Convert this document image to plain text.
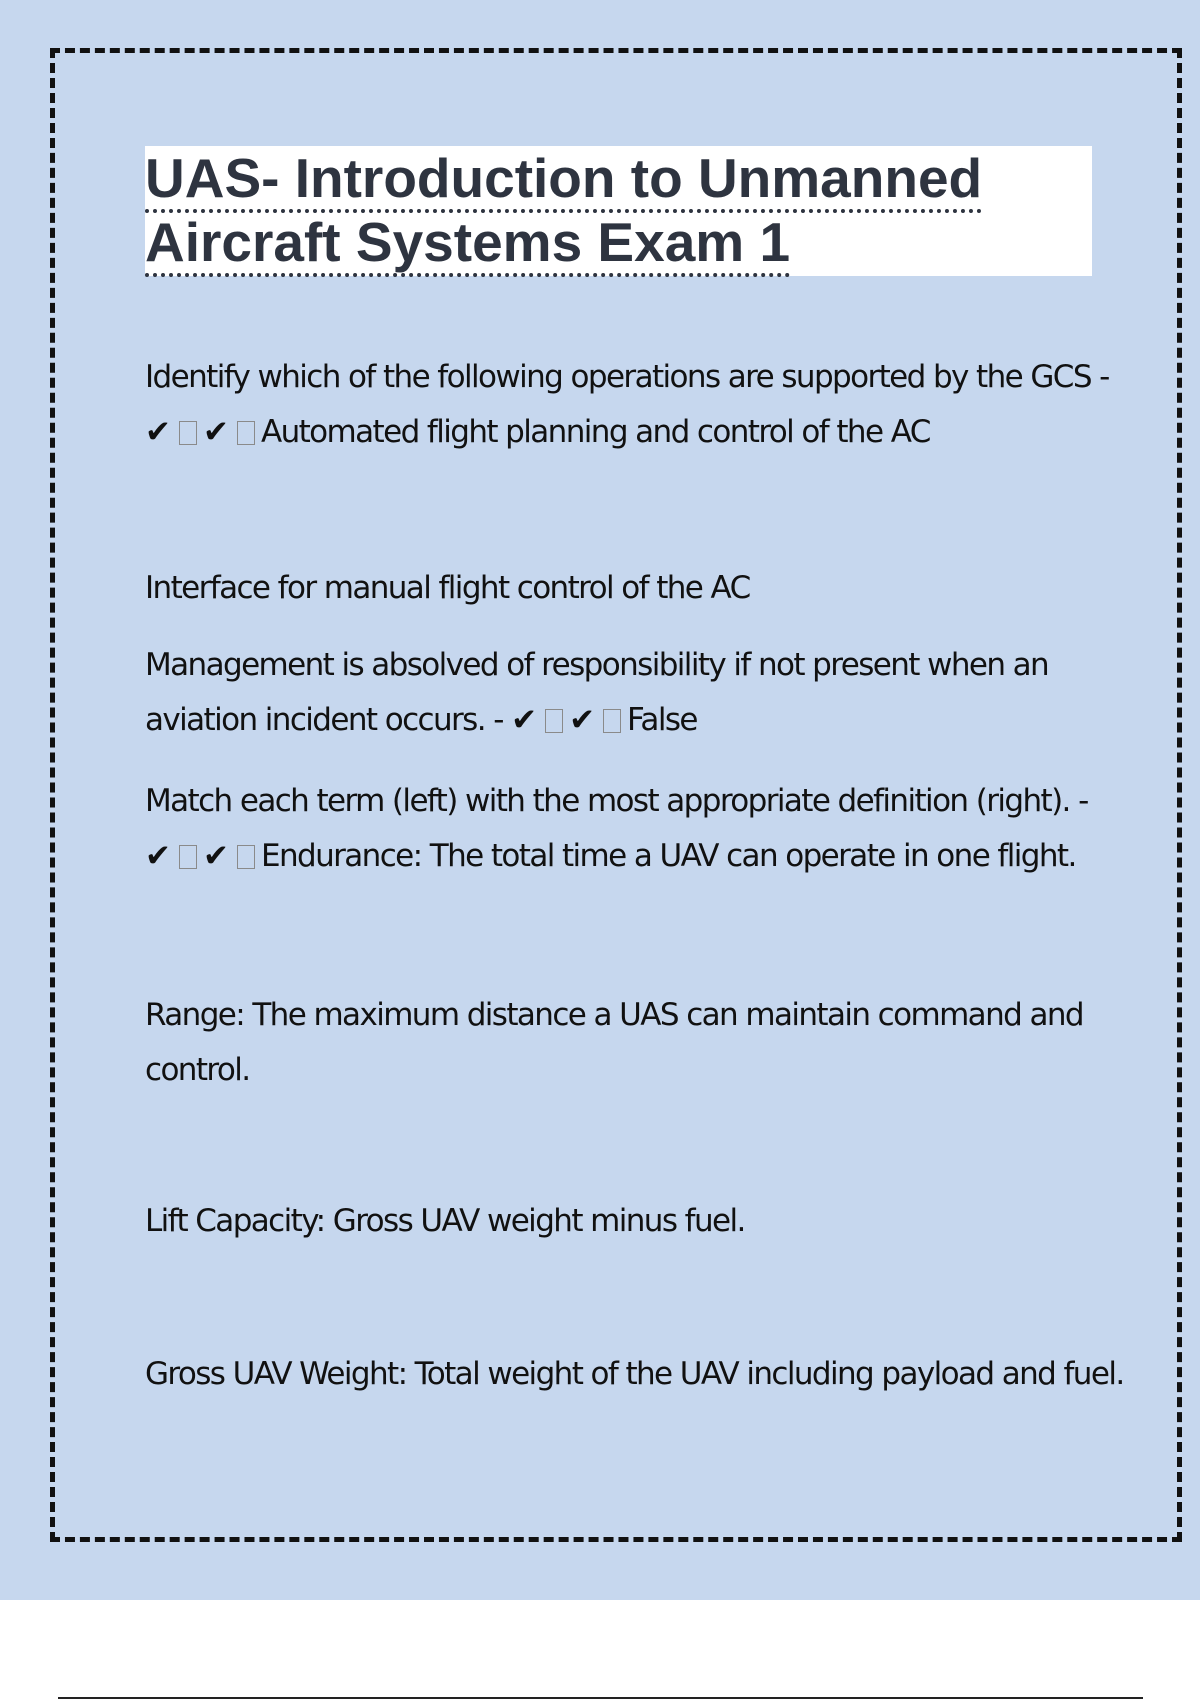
UAS- Introduction to Unmanned
Aircraft Systems Exam 1

Identify which of the following operations are supported by the GCS -
✔ ✔ Automated flight planning and control of the AC

Interface for manual flight control of the AC

Management is absolved of responsibility if not present when an
aviation incident occurs. - ✔ ✔ False

Match each term (left) with the most appropriate definition (right). -
✔ ✔ Endurance: The total time a UAV can operate in one flight.

Range: The maximum distance a UAS can maintain command and
control.

Lift Capacity: Gross UAV weight minus fuel.

Gross UAV Weight: Total weight of the UAV including payload and fuel.
